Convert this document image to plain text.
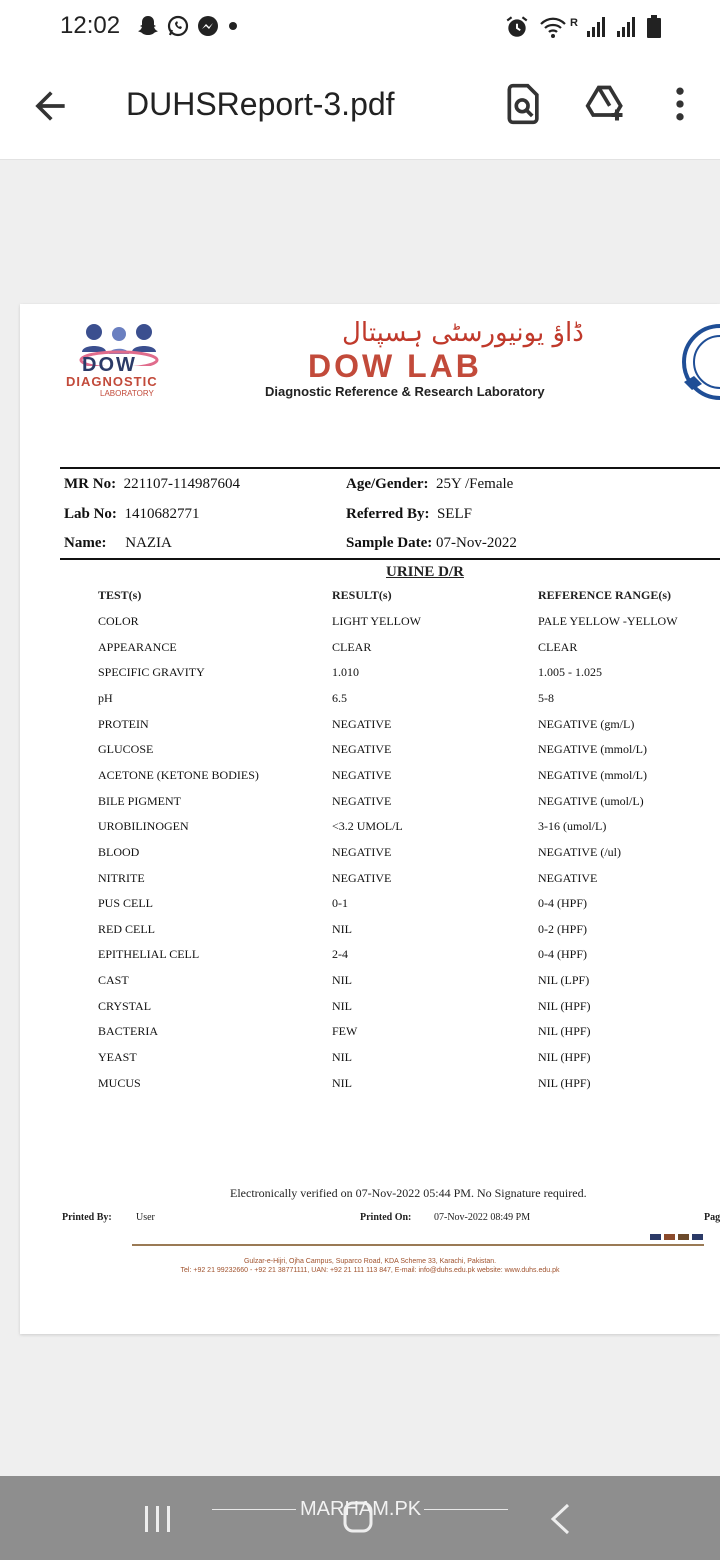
12:02	R
DUHSReport-3.pdf
DOW
DIAGNOSTIC
LABORATORY
ڈاؤ یونیورسٹی ہسپتال
DOW LAB
Diagnostic Reference & Research Laboratory
MR No: 221107-114987604
Lab No: 1410682771
Name: NAZIA
Age/Gender: 25Y /Female
Referred By: SELF
Sample Date: 07-Nov-2022
URINE D/R
TEST(s)	RESULT(s)	REFERENCE RANGE(s)
COLOR	LIGHT YELLOW	PALE YELLOW -YELLOW
APPEARANCE	CLEAR	CLEAR
SPECIFIC GRAVITY	1.010	1.005 - 1.025
pH	6.5	5-8
PROTEIN	NEGATIVE	NEGATIVE (gm/L)
GLUCOSE	NEGATIVE	NEGATIVE (mmol/L)
ACETONE (KETONE BODIES)	NEGATIVE	NEGATIVE (mmol/L)
BILE PIGMENT	NEGATIVE	NEGATIVE (umol/L)
UROBILINOGEN	<3.2 UMOL/L	3-16 (umol/L)
BLOOD	NEGATIVE	NEGATIVE (/ul)
NITRITE	NEGATIVE	NEGATIVE
PUS CELL	0-1	0-4 (HPF)
RED CELL	NIL	0-2 (HPF)
EPITHELIAL CELL	2-4	0-4 (HPF)
CAST	NIL	NIL (LPF)
CRYSTAL	NIL	NIL (HPF)
BACTERIA	FEW	NIL (HPF)
YEAST	NIL	NIL (HPF)
MUCUS	NIL	NIL (HPF)
Electronically verified on 07-Nov-2022 05:44 PM. No Signature required.
Printed By: User	Printed On: 07-Nov-2022 08:49 PM	Pag
Gulzar-e-Hijri, Ojha Campus, Suparco Road, KDA Scheme 33, Karachi, Pakistan.
Tel: +92 21 99232660 - +92 21 38771111, UAN: +92 21 111 113 847, E-mail: info@duhs.edu.pk website: www.duhs.edu.pk
MARHAM.PK
